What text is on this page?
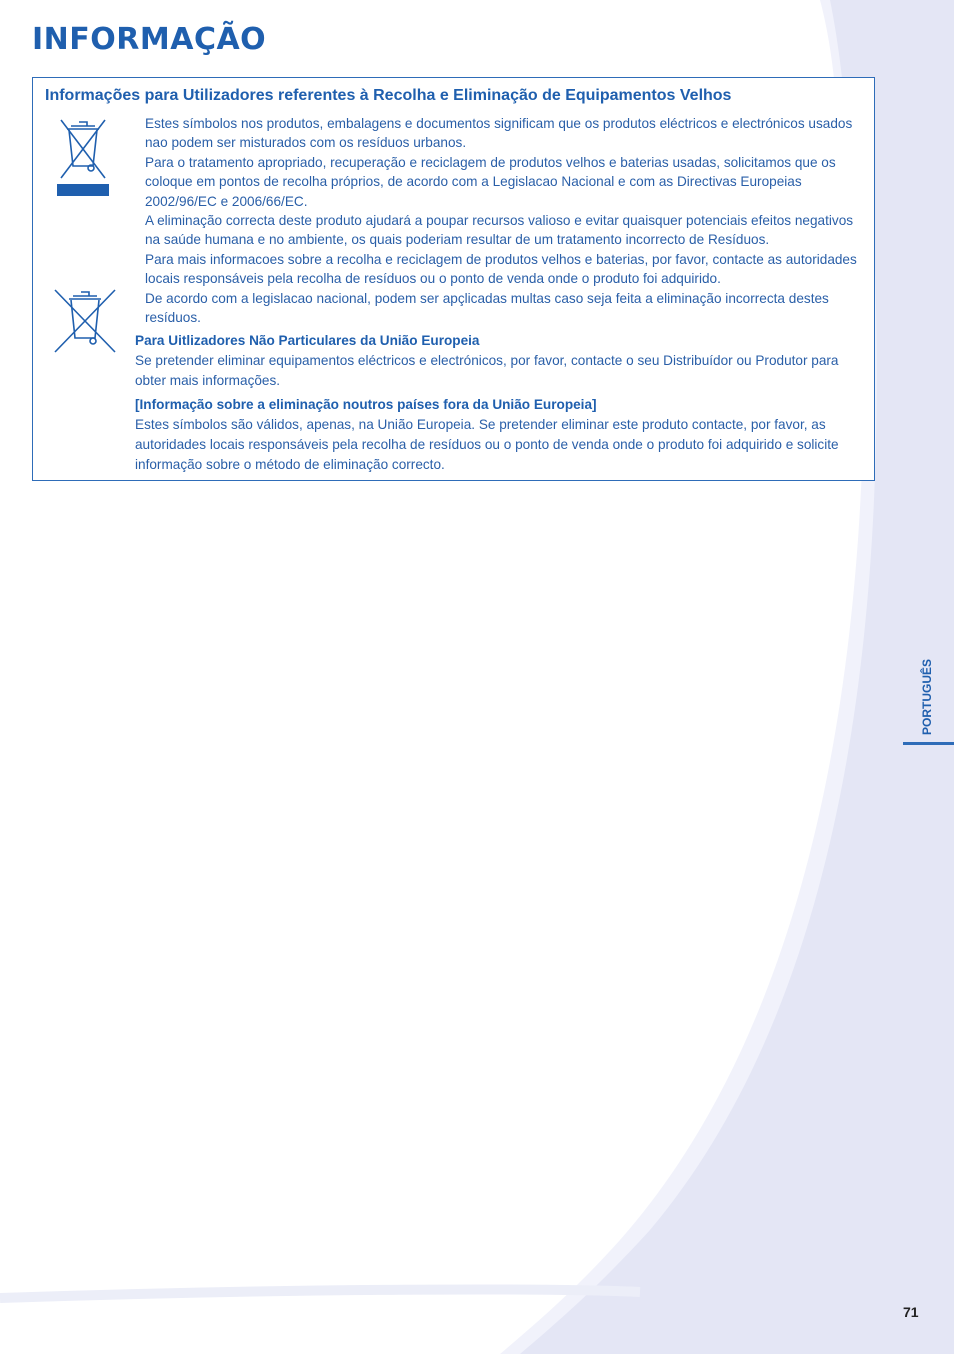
INFORMAÇÃO
Informações para Utilizadores referentes à Recolha e Eliminação de Equipamentos Velhos

Estes símbolos nos produtos, embalagens e documentos significam que os produtos eléctricos e electrónicos usados nao podem ser misturados com os resíduos urbanos.

Para o tratamento apropriado, recuperação e reciclagem de produtos velhos e baterias usadas, solicitamos que os coloque em pontos de recolha próprios, de acordo com a Legislacao Nacional e com as Directivas Europeias 2002/96/EC e 2006/66/EC.

A eliminação correcta deste produto ajudará a poupar recursos valioso e evitar quaisquer potenciais efeitos negativos na saúde humana e no ambiente, os quais poderiam resultar de um tratamento incorrecto de Resíduos.

Para mais informacoes sobre a recolha e reciclagem de produtos velhos e baterias, por favor, contacte as autoridades locais responsáveis pela recolha de resíduos ou o ponto de venda onde o produto foi adquirido.

De acordo com a legislacao nacional, podem ser apçlicadas multas caso seja feita a eliminação incorrecta destes resíduos.

Para Uitlizadores Não Particulares da União Europeia

Se pretender eliminar equipamentos eléctricos e electrónicos, por favor, contacte o seu Distribuídor ou Produtor para obter mais informações.

[Informação sobre a eliminação noutros países fora da União Europeia]

Estes símbolos são válidos, apenas, na União Europeia. Se pretender eliminar este produto contacte, por favor, as autoridades locais responsáveis pela recolha de resíduos ou o ponto de venda onde o produto foi adquirido e solicite informação sobre o método de eliminação correcto.

PORTUGUÊS
71
